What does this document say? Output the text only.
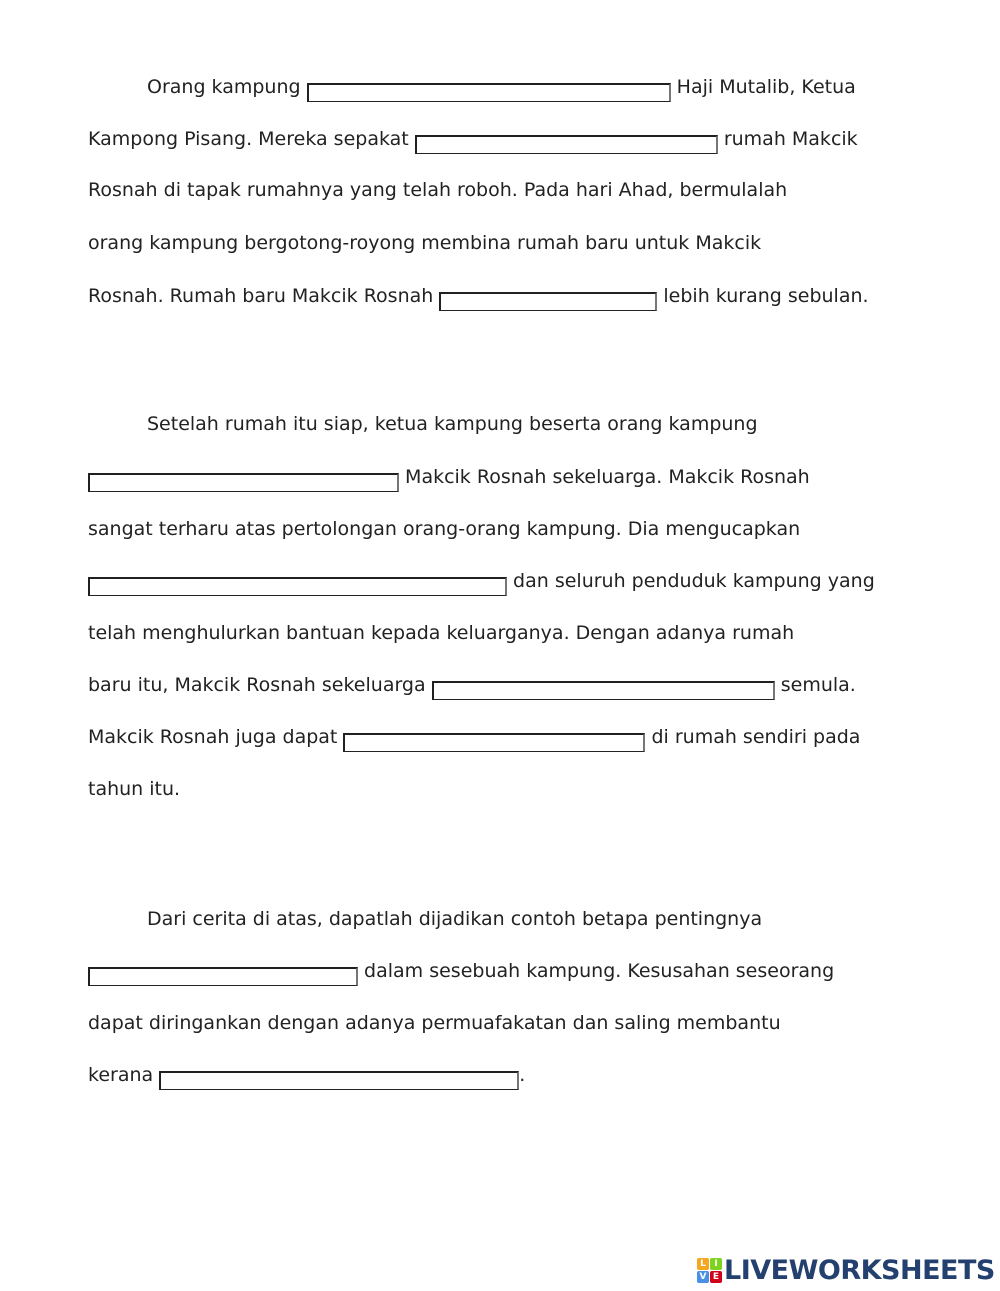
Orang kampung	Haji Mutalib, Ketua
Kampong Pisang. Mereka sepakat	rumah Makcik
Rosnah di tapak rumahnya yang telah roboh. Pada hari Ahad, bermulalah
orang kampung bergotong-royong membina rumah baru untuk Makcik
Rosnah. Rumah baru Makcik Rosnah	lebih kurang sebulan.
Setelah rumah itu siap, ketua kampung beserta orang kampung
Makcik Rosnah sekeluarga. Makcik Rosnah
sangat terharu atas pertolongan orang-orang kampung. Dia mengucapkan
dan seluruh penduduk kampung yang
telah menghulurkan bantuan kepada keluarganya. Dengan adanya rumah
baru itu, Makcik Rosnah sekeluarga	semula.
Makcik Rosnah juga dapat	di rumah sendiri pada
tahun itu.
Dari cerita di atas, dapatlah dijadikan contoh betapa pentingnya
dalam sesebuah kampung. Kesusahan seseorang
dapat diringankan dengan adanya permuafakatan dan saling membantu
kerana	.
L I
V E LIVEWORKSHEETS
